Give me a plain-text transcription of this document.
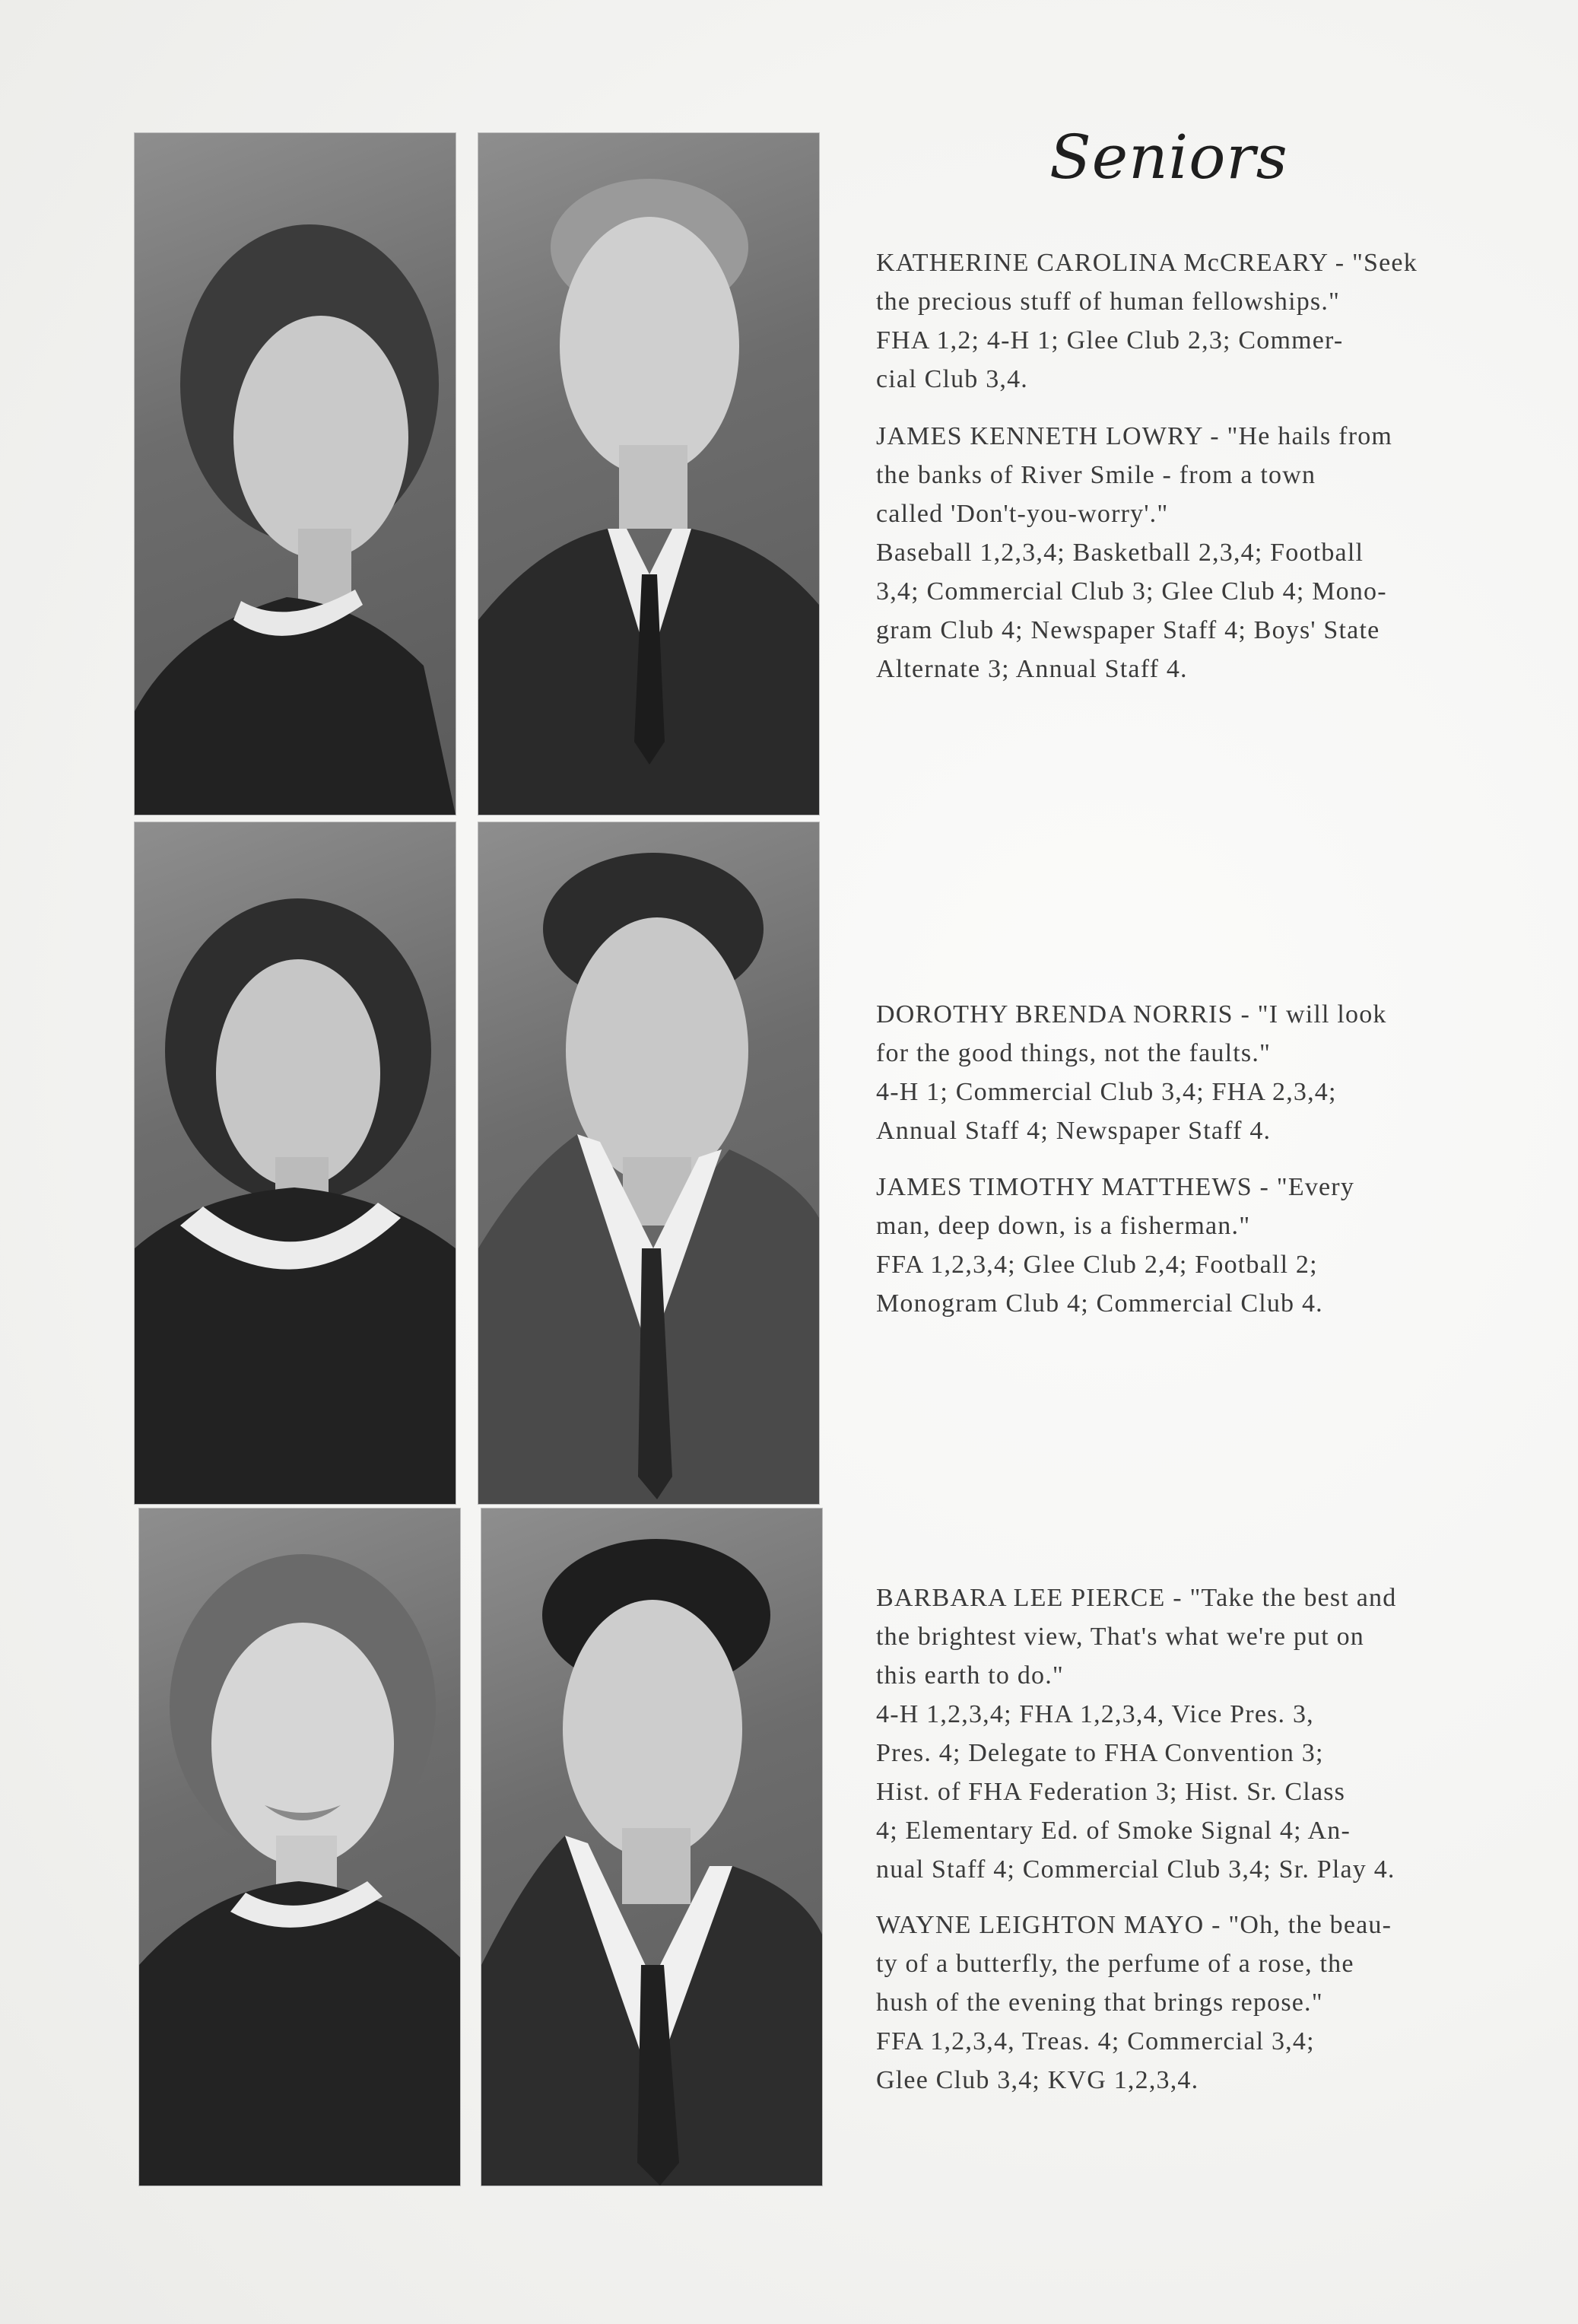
Seniors
KATHERINE CAROLINA McCREARY - "Seek
the precious stuff of human fellowships."
FHA 1,2; 4-H 1; Glee Club 2,3; Commer-
cial Club 3,4.
JAMES KENNETH LOWRY - "He hails from
the banks of River Smile - from a town
called 'Don't-you-worry'."
Baseball 1,2,3,4; Basketball 2,3,4; Football
3,4; Commercial Club 3; Glee Club 4; Mono-
gram Club 4; Newspaper Staff 4; Boys' State
Alternate 3; Annual Staff 4.
DOROTHY BRENDA NORRIS - "I will look
for the good things, not the faults."
4-H 1; Commercial Club 3,4; FHA 2,3,4;
Annual Staff 4; Newspaper Staff 4.
JAMES TIMOTHY MATTHEWS - "Every
man, deep down, is a fisherman."
FFA 1,2,3,4; Glee Club 2,4; Football 2;
Monogram Club 4; Commercial Club 4.
BARBARA LEE PIERCE - "Take the best and
the brightest view, That's what we're put on
this earth to do."
4-H 1,2,3,4; FHA 1,2,3,4, Vice Pres. 3,
Pres. 4; Delegate to FHA Convention 3;
Hist. of FHA Federation 3; Hist. Sr. Class
4; Elementary Ed. of Smoke Signal 4; An-
nual Staff 4; Commercial Club 3,4; Sr. Play 4.
WAYNE LEIGHTON MAYO - "Oh, the beau-
ty of a butterfly, the perfume of a rose, the
hush of the evening that brings repose."
FFA 1,2,3,4, Treas. 4; Commercial 3,4;
Glee Club 3,4; KVG 1,2,3,4.
